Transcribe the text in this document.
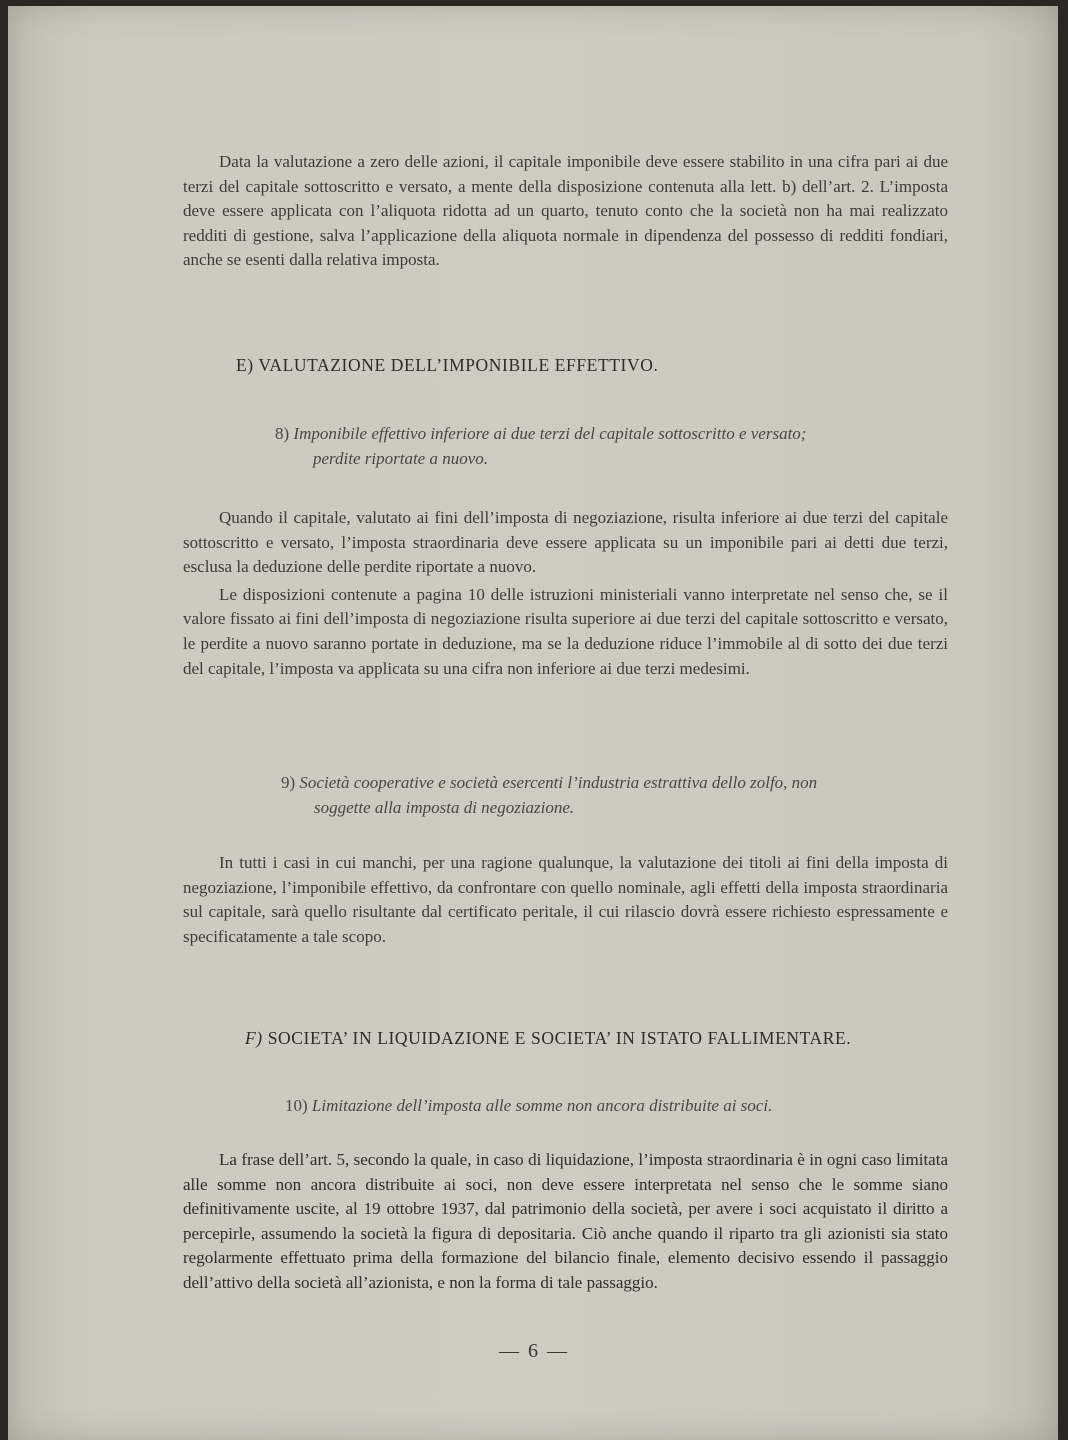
Data la valutazione a zero delle azioni, il capitale imponibile deve essere stabilito in una cifra pari ai due terzi del capitale sottoscritto e versato, a mente della disposizione contenuta alla lett. b) dell’art. 2. L’imposta deve essere applicata con l’aliquota ridotta ad un quarto, tenuto conto che la società non ha mai realizzato redditi di gestione, salva l’applicazione della aliquota normale in dipendenza del possesso di redditi fondiari, anche se esenti dalla relativa imposta.

E) VALUTAZIONE DELL’IMPONIBILE EFFETTIVO.
8) Imponibile effettivo inferiore ai due terzi del capitale sottoscritto e versato;
perdite riportate a nuovo.

Quando il capitale, valutato ai fini dell’imposta di negoziazione, risulta inferiore ai due terzi del capitale sottoscritto e versato, l’imposta straordinaria deve essere applicata su un imponibile pari ai detti due terzi, esclusa la deduzione delle perdite riportate a nuovo.

Le disposizioni contenute a pagina 10 delle istruzioni ministeriali vanno interpretate nel senso che, se il valore fissato ai fini dell’imposta di negoziazione risulta superiore ai due terzi del capitale sottoscritto e versato, le perdite a nuovo saranno portate in deduzione, ma se la deduzione riduce l’immobile al di sotto dei due terzi del capitale, l’imposta va applicata su una cifra non inferiore ai due terzi medesimi.

9) Società cooperative e società esercenti l’industria estrattiva dello zolfo, non
soggette alla imposta di negoziazione.

In tutti i casi in cui manchi, per una ragione qualunque, la valutazione dei titoli ai fini della imposta di negoziazione, l’imponibile effettivo, da confrontare con quello nominale, agli effetti della imposta straordinaria sul capitale, sarà quello risultante dal certificato peritale, il cui rilascio dovrà essere richiesto espressamente e specificatamente a tale scopo.

F) SOCIETA’ IN LIQUIDAZIONE E SOCIETA’ IN ISTATO FALLIMENTARE.
10) Limitazione dell’imposta alle somme non ancora distribuite ai soci.

La frase dell’art. 5, secondo la quale, in caso di liquidazione, l’imposta straordinaria è in ogni caso limitata alle somme non ancora distribuite ai soci, non deve essere interpretata nel senso che le somme siano definitivamente uscite, al 19 ottobre 1937, dal patrimonio della società, per avere i soci acquistato il diritto a percepirle, assumendo la società la figura di depositaria. Ciò anche quando il riparto tra gli azionisti sia stato regolarmente effettuato prima della formazione del bilancio finale, elemento decisivo essendo il passaggio dell’attivo della società all’azionista, e non la forma di tale passaggio.

— 6 —
